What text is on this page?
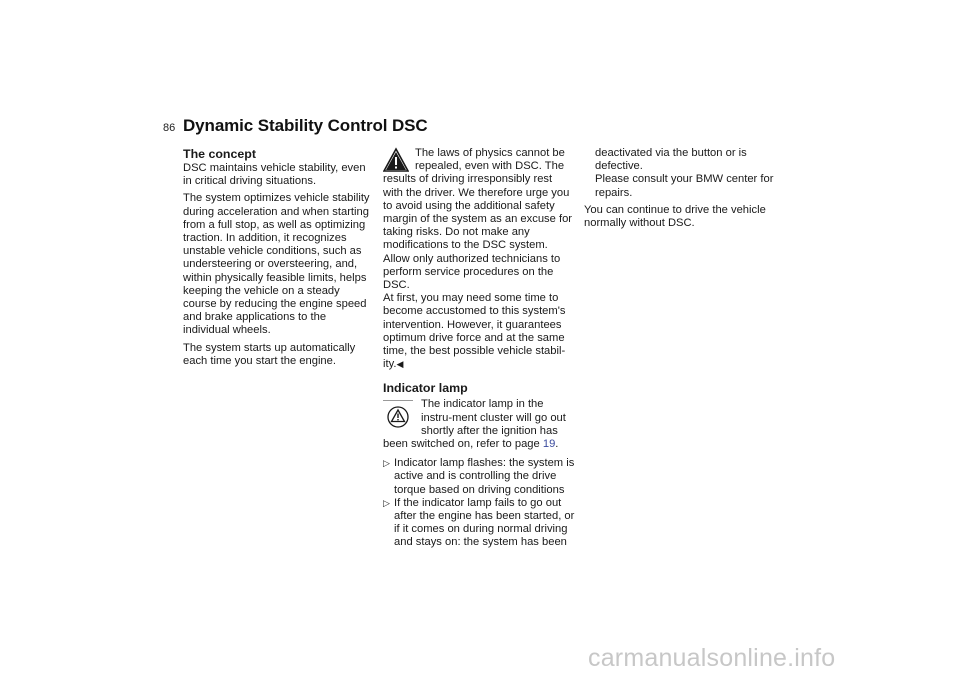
86 Dynamic Stability Control DSC
The concept

DSC maintains vehicle stability, even in critical driving situations.

The system optimizes vehicle stability during acceleration and when starting from a full stop, as well as optimizing traction. In addition, it recognizes unstable vehicle conditions, such as understeering or oversteering, and, within physically feasible limits, helps keeping the vehicle on a steady course by reducing the engine speed and brake applications to the individual wheels.

The system starts up automatically each time you start the engine.

The laws of physics cannot be repealed, even with DSC. The results of driving irresponsibly rest with the driver. We therefore urge you to avoid using the additional safety margin of the system as an excuse for taking risks. Do not make any modifications to the DSC system. Allow only authorized technicians to perform service procedures on the DSC.

At first, you may need some time to become accustomed to this system's intervention. However, it guarantees optimum drive force and at the same time, the best possible vehicle stabil-ity.◀

Indicator lamp

The indicator lamp in the instru-ment cluster will go out shortly after the ignition has been switched on, refer to page 19.

▷ Indicator lamp flashes: the system is active and is controlling the drive torque based on driving conditions
▷ If the indicator lamp fails to go out after the engine has been started, or if it comes on during normal driving and stays on: the system has been

deactivated via the button or is defective.

Please consult your BMW center for repairs.

You can continue to drive the vehicle normally without DSC.

carmanualsonline.info
